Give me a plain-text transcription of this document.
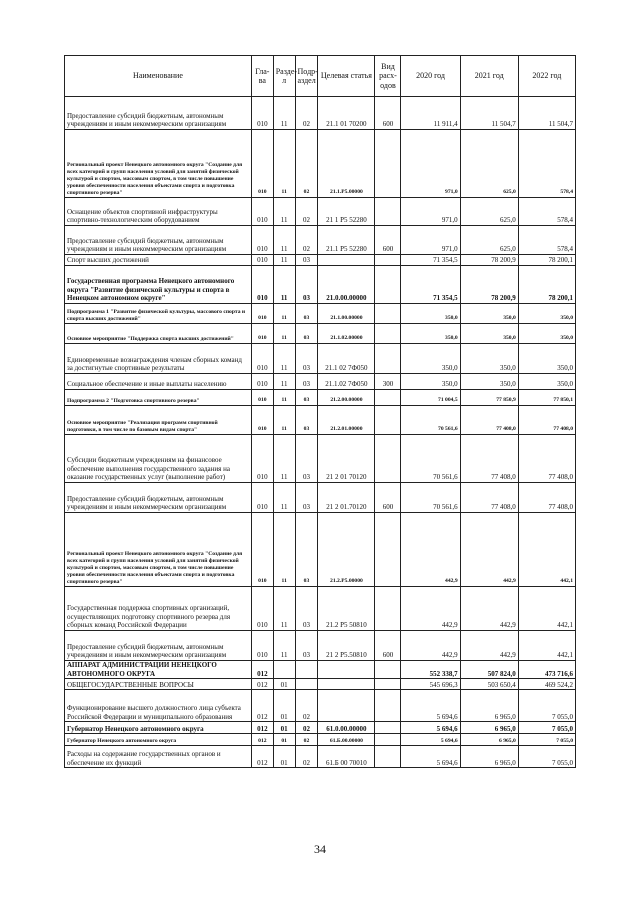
Наименование	Глава	Раздел	Подраздел	Целевая статья	Вид расходов	2020 год	2021 год	2022 год
Предоставление субсидий бюджетным, автономным учреждениям и иным некоммерческим организациям	010	11	02	21.1 01 70200	600	11 911,4	11 504,7	11 504,7
Региональный проект Ненецкого автономного округа "Создание для всех категорий и групп населения условий для занятий физической культурой и спортом, массовым спортом, в том числе повышение уровня обеспеченности населения объектами спорта и подготовка спортивного резерва"	010	11	02	21.1.P5.00000		971,0	625,0	578,4
Оснащение объектов спортивной инфраструктуры спортивно-технологическим оборудованием	010	11	02	21 1 P5 52280		971,0	625,0	578,4
Предоставление субсидий бюджетным, автономным учреждениям и иным некоммерческим организациям	010	11	02	21.1 P5 52280	600	971,0	625,0	578,4
Спорт высших достижений	010	11	03			71 354,5	78 200,9	78 200,1
Государственная программа Ненецкого автономного округа "Развитие физической культуры и спорта в Ненецком автономном округе"	010	11	03	21.0.00.00000		71 354,5	78 200,9	78 200,1
Подпрограмма 1 "Развитие физической культуры, массового спорта и спорта высших достижений"	010	11	03	21.1.00.00000		350,0	350,0	350,0
Основное мероприятие "Поддержка спорта высших достижений"	010	11	03	21.1.02.00000		350,0	350,0	350,0
Единовременные вознаграждения членам сборных команд за достигнутые спортивные результаты	010	11	03	21.1 02 7Ф050		350,0	350,0	350,0
Социальное обеспечение и иные выплаты населению	010	11	03	21.1.02 7Ф050	300	350,0	350,0	350,0
Подпрограмма 2 "Подготовка спортивного резерва"	010	11	03	21.2.00.00000		71 004,5	77 850,9	77 850,1
Основное мероприятие "Реализация программ спортивной подготовки, в том числе по базовым видам спорта"	010	11	03	21.2.01.00000		70 561,6	77 408,0	77 408,0
Субсидии бюджетным учреждениям на финансовое обеспечение выполнения государственного задания на оказание государственных услуг (выполнение работ)	010	11	03	21 2 01 70120		70 561,6	77 408,0	77 408,0
Предоставление субсидий бюджетным, автономным учреждениям и иным некоммерческим организациям	010	11	03	21 2 01.70120	600	70 561,6	77 408,0	77 408,0
Региональный проект Ненецкого автономного округа "Создание для всех категорий и групп населения условий для занятий физической культурой и спортом, массовым спортом, в том числе повышение уровня обеспеченности населения объектами спорта и подготовка спортивного резерва"	010	11	03	21.2.P5.00000		442,9	442,9	442,1
Государственная поддержка спортивных организаций, осуществляющих подготовку спортивного резерва для сборных команд Российской Федерации	010	11	03	21.2 P5 50810		442,9	442,9	442,1
Предоставление субсидий бюджетным, автономным учреждениям и иным некоммерческим организациям	010	11	03	21 2 P5.50810	600	442,9	442,9	442,1
АППАРАТ АДМИНИСТРАЦИИ НЕНЕЦКОГО АВТОНОМНОГО ОКРУГА	012					552 338,7	507 824,0	473 716,6
ОБЩЕГОСУДАРСТВЕННЫЕ ВОПРОСЫ	012	01				545 696,3	503 650,4	469 524,2
Функционирование высшего должностного лица субъекта Российской Федерации и муниципального образования	012	01	02			5 694,6	6 965,0	7 055,0
Губернатор Ненецкого автономного округа	012	01	02	61.0.00.00000		5 694,6	6 965,0	7 055,0
Губернатор Ненецкого автономного округа	012	01	02	61.Б.00.00000		5 694,6	6 965,0	7 055,0
Расходы на содержание государственных органов и обеспечение их функций	012	01	02	61.Б 00 70010		5 694,6	6 965,0	7 055,0
34
